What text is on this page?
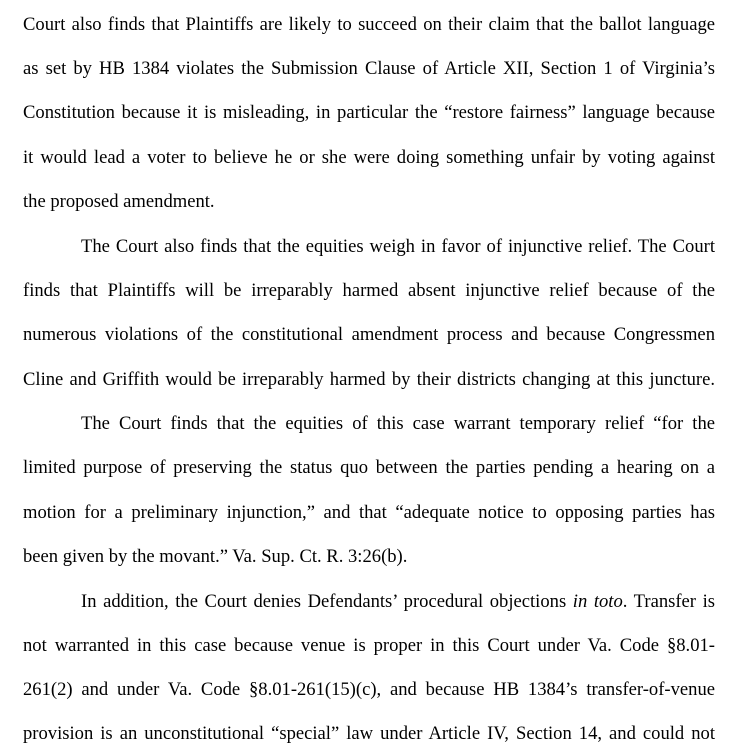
Court also finds that Plaintiffs are likely to succeed on their claim that the ballot language
as set by HB 1384 violates the Submission Clause of Article XII, Section 1 of Virginia’s
Constitution because it is misleading, in particular the “restore fairness” language because
it would lead a voter to believe he or she were doing something unfair by voting against
the proposed amendment.
The Court also finds that the equities weigh in favor of injunctive relief. The Court
finds that Plaintiffs will be irreparably harmed absent injunctive relief because of the
numerous violations of the constitutional amendment process and because Congressmen
Cline and Griffith would be irreparably harmed by their districts changing at this juncture.
The Court finds that the equities of this case warrant temporary relief “for the
limited purpose of preserving the status quo between the parties pending a hearing on a
motion for a preliminary injunction,” and that “adequate notice to opposing parties has
been given by the movant.” Va. Sup. Ct. R. 3:26(b).
In addition, the Court denies Defendants’ procedural objections in toto. Transfer is
not warranted in this case because venue is proper in this Court under Va. Code §8.01-
261(2) and under Va. Code §8.01-261(15)(c), and because HB 1384’s transfer-of-venue
provision is an unconstitutional “special” law under Article IV, Section 14, and could not
